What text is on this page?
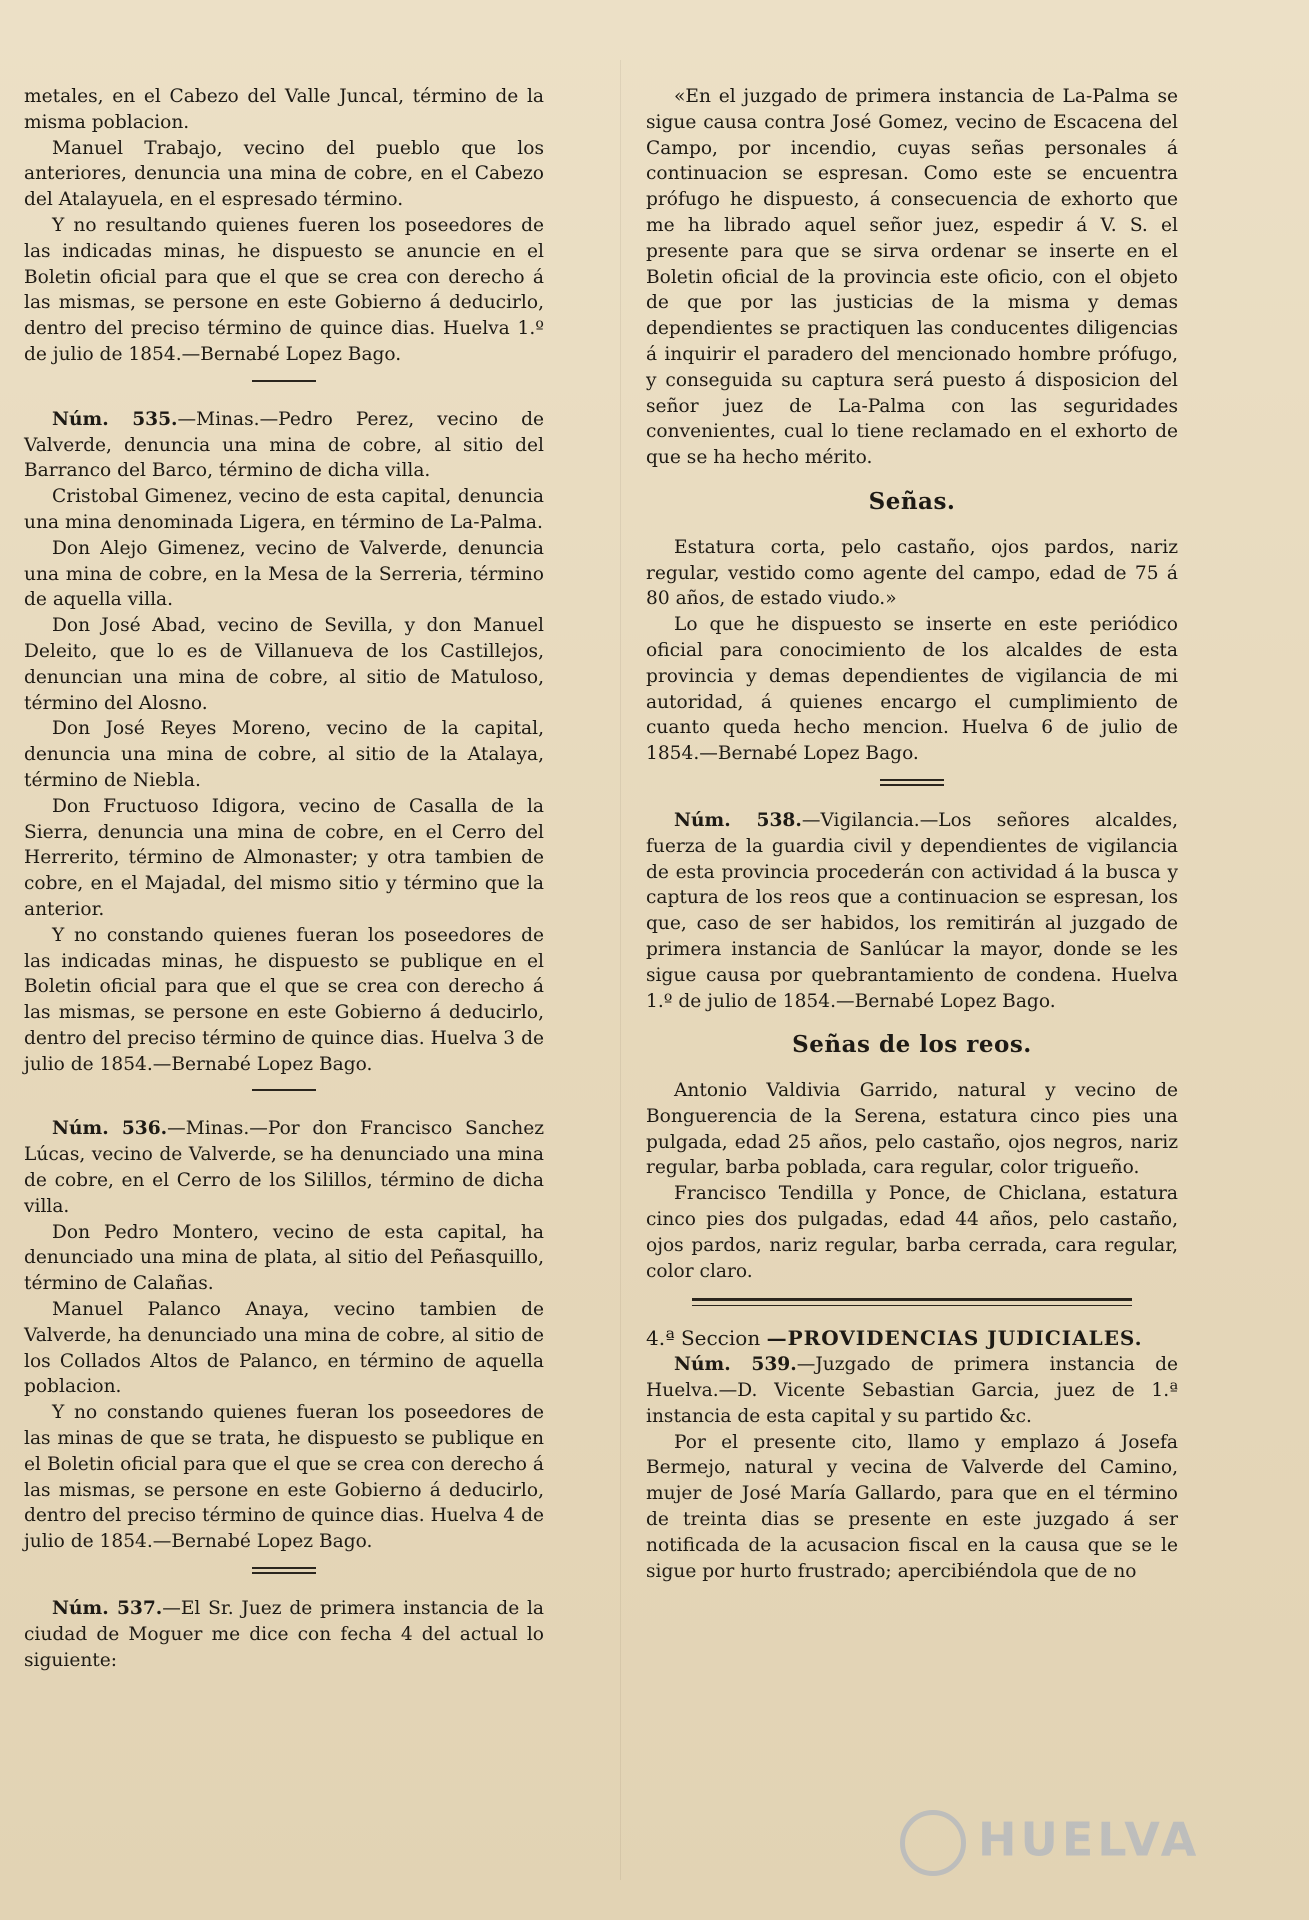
metales, en el Cabezo del Valle Juncal, término de la misma poblacion.

Manuel Trabajo, vecino del pueblo que los anteriores, denuncia una mina de cobre, en el Cabezo del Atalayuela, en el espresado término.

Y no resultando quienes fueren los poseedores de las indicadas minas, he dispuesto se anuncie en el Boletin oficial para que el que se crea con derecho á las mismas, se persone en este Gobierno á deducirlo, dentro del preciso término de quince dias. Huelva 1.º de julio de 1854.—Bernabé Lopez Bago.

Núm. 535.—Minas.—Pedro Perez, vecino de Valverde, denuncia una mina de cobre, al sitio del Barranco del Barco, término de dicha villa.

Cristobal Gimenez, vecino de esta capital, denuncia una mina denominada Ligera, en término de La-Palma.

Don Alejo Gimenez, vecino de Valverde, denuncia una mina de cobre, en la Mesa de la Serreria, término de aquella villa.

Don José Abad, vecino de Sevilla, y don Manuel Deleito, que lo es de Villanueva de los Castillejos, denuncian una mina de cobre, al sitio de Matuloso, término del Alosno.

Don José Reyes Moreno, vecino de la capital, denuncia una mina de cobre, al sitio de la Atalaya, término de Niebla.

Don Fructuoso Idigora, vecino de Casalla de la Sierra, denuncia una mina de cobre, en el Cerro del Herrerito, término de Almonaster; y otra tambien de cobre, en el Majadal, del mismo sitio y término que la anterior.

Y no constando quienes fueran los poseedores de las indicadas minas, he dispuesto se publique en el Boletin oficial para que el que se crea con derecho á las mismas, se persone en este Gobierno á deducirlo, dentro del preciso término de quince dias. Huelva 3 de julio de 1854.—Bernabé Lopez Bago.

Núm. 536.—Minas.—Por don Francisco Sanchez Lúcas, vecino de Valverde, se ha denunciado una mina de cobre, en el Cerro de los Silillos, término de dicha villa.

Don Pedro Montero, vecino de esta capital, ha denunciado una mina de plata, al sitio del Peñasquillo, término de Calañas.

Manuel Palanco Anaya, vecino tambien de Valverde, ha denunciado una mina de cobre, al sitio de los Collados Altos de Palanco, en término de aquella poblacion.

Y no constando quienes fueran los poseedores de las minas de que se trata, he dispuesto se publique en el Boletin oficial para que el que se crea con derecho á las mismas, se persone en este Gobierno á deducirlo, dentro del preciso término de quince dias. Huelva 4 de julio de 1854.—Bernabé Lopez Bago.

Núm. 537.—El Sr. Juez de primera instancia de la ciudad de Moguer me dice con fecha 4 del actual lo siguiente:

«En el juzgado de primera instancia de La-Palma se sigue causa contra José Gomez, vecino de Escacena del Campo, por incendio, cuyas señas personales á continuacion se espresan. Como este se encuentra prófugo he dispuesto, á consecuencia de exhorto que me ha librado aquel señor juez, espedir á V. S. el presente para que se sirva ordenar se inserte en el Boletin oficial de la provincia este oficio, con el objeto de que por las justicias de la misma y demas dependientes se practiquen las conducentes diligencias á inquirir el paradero del mencionado hombre prófugo, y conseguida su captura será puesto á disposicion del señor juez de La-Palma con las seguridades convenientes, cual lo tiene reclamado en el exhorto de que se ha hecho mérito.

Señas.

Estatura corta, pelo castaño, ojos pardos, nariz regular, vestido como agente del campo, edad de 75 á 80 años, de estado viudo.»

Lo que he dispuesto se inserte en este periódico oficial para conocimiento de los alcaldes de esta provincia y demas dependientes de vigilancia de mi autoridad, á quienes encargo el cumplimiento de cuanto queda hecho mencion. Huelva 6 de julio de 1854.—Bernabé Lopez Bago.

Núm. 538.—Vigilancia.—Los señores alcaldes, fuerza de la guardia civil y dependientes de vigilancia de esta provincia procederán con actividad á la busca y captura de los reos que a continuacion se espresan, los que, caso de ser habidos, los remitirán al juzgado de primera instancia de Sanlúcar la mayor, donde se les sigue causa por quebrantamiento de condena. Huelva 1.º de julio de 1854.—Bernabé Lopez Bago.

Señas de los reos.

Antonio Valdivia Garrido, natural y vecino de Bonguerencia de la Serena, estatura cinco pies una pulgada, edad 25 años, pelo castaño, ojos negros, nariz regular, barba poblada, cara regular, color trigueño.

Francisco Tendilla y Ponce, de Chiclana, estatura cinco pies dos pulgadas, edad 44 años, pelo castaño, ojos pardos, nariz regular, barba cerrada, cara regular, color claro.

4.ª Seccion —PROVIDENCIAS JUDICIALES.

Núm. 539.—Juzgado de primera instancia de Huelva.—D. Vicente Sebastian Garcia, juez de 1.ª instancia de esta capital y su partido &c.

Por el presente cito, llamo y emplazo á Josefa Bermejo, natural y vecina de Valverde del Camino, mujer de José María Gallardo, para que en el término de treinta dias se presente en este juzgado á ser notificada de la acusacion fiscal en la causa que se le sigue por hurto frustrado; apercibiéndola que de no

HUELVA
